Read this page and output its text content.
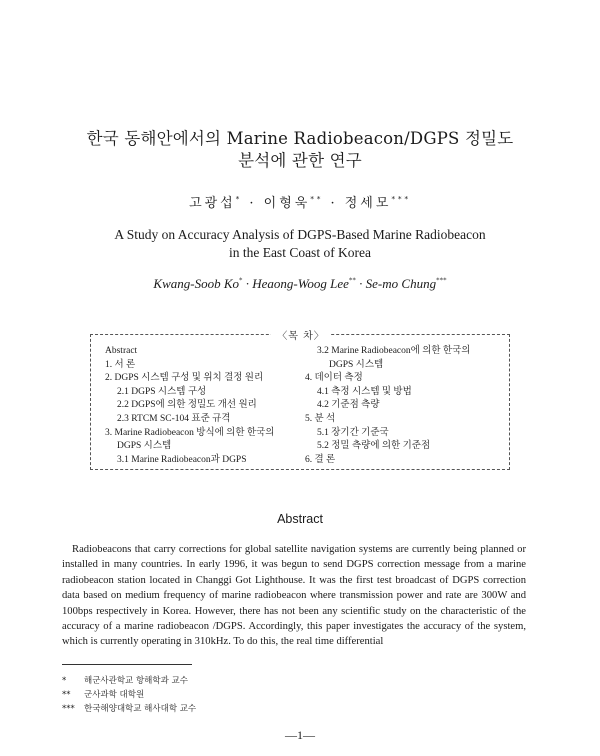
한국 동해안에서의 Marine Radiobeacon/DGPS 정밀도
분석에 관한 연구
고광섭* · 이형욱** · 정세모***
A Study on Accuracy Analysis of DGPS-Based Marine Radiobeacon
in the East Coast of Korea
Kwang-Soob Ko* · Heaong-Woog Lee** · Se-mo Chung***
〈목 차〉
Abstract
1. 서 론
2. DGPS 시스템 구성 및 위치 결정 원리
2.1 DGPS 시스템 구성
2.2 DGPS에 의한 정밀도 개선 원리
2.3 RTCM SC-104 표준 규격
3. Marine Radiobeacon 방식에 의한 한국의
DGPS 시스템
3.1 Marine Radiobeacon과 DGPS
3.2 Marine Radiobeacon에 의한 한국의
DGPS 시스템
4. 데이터 측정
4.1 측정 시스템 및 방법
4.2 기준점 측량
5. 분 석
5.1 장기간 기준국
5.2 정밀 측량에 의한 기준점
6. 결 론
Abstract

Radiobeacons that carry corrections for global satellite navigation systems are currently being planned or installed in many countries. In early 1996, it was begun to send DGPS correction message from a marine radiobeacon station located in Changgi Got Lighthouse. It was the first test broadcast of DGPS correction data based on medium frequency of marine radiobeacon where transmission power and rate are 300W and 100bps respectively in Korea. However, there has not been any scientific study on the characteristic of the accuracy of a marine radiobeacon /DGPS. Accordingly, this paper investigates the accuracy of the system, which is currently operating in 310kHz. To do this, the real time differential

* 해군사관학교 항해학과 교수
** 군사과학 대학원
*** 한국해양대학교 해사대학 교수
—1—
